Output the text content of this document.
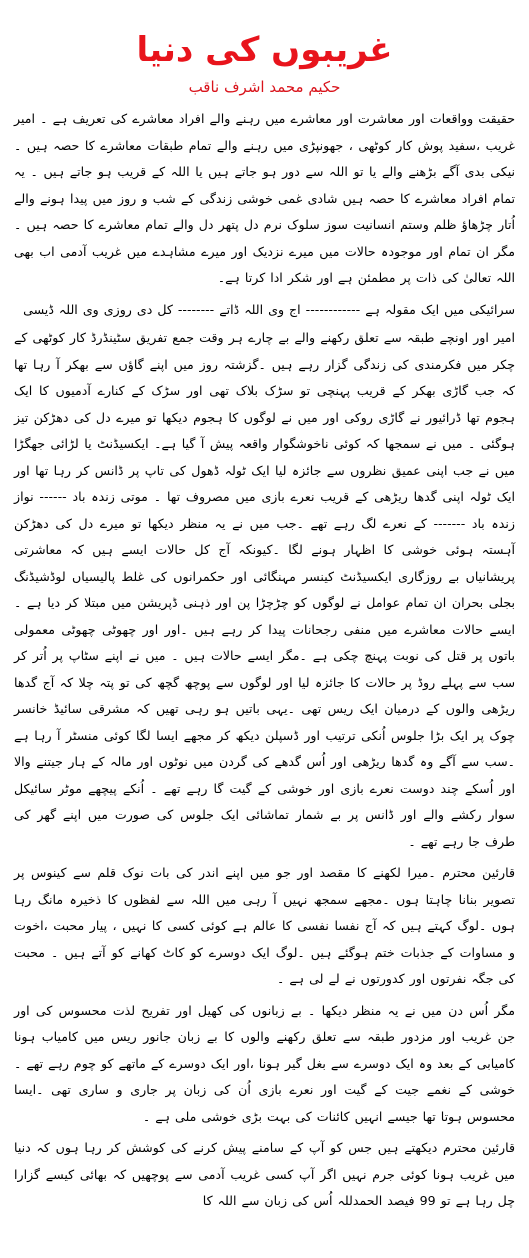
غریبوں کی دنیا
حکیم محمد اشرف ناقب

حقیقت وواقعات اور معاشرت اور معاشرے میں رہنے والے افراد معاشرے کی تعریف ہے ۔ امیر غریب ،سفید پوش کار کوٹھی ، جھونپڑی میں رہنے والے تمام طبقات معاشرے کا حصہ ہیں ۔نیکی بدی آگے بڑھنے والے یا تو اللہ سے دور ہو جاتے ہیں یا اللہ کے قریب ہو جاتے ہیں ۔ یہ تمام افراد معاشرے کا حصہ ہیں شادی غمی خوشی زندگی کے شب و روز میں پیدا ہونے والے اُتار چڑھاؤ ظلم وستم انسانیت سوز سلوک نرم دل پتھر دل والے تمام معاشرے کا حصہ ہیں ۔مگر ان تمام اور موجودہ حالات میں میرے نزدیک اور میرے مشاہدے میں غریب آدمی اب بھی اللہ تعالیٰ کی ذات پر مطمئن ہے اور شکر ادا کرتا ہے۔

سرائیکی میں ایک مقولہ ہے ------------ اج وی اللہ ڈاتے -------- کل دی روزی وی اللہ ڈیسی

امیر اور اونچے طبقہ سے تعلق رکھنے والے بے چارے ہر وقت جمع تفریق سٹینڈرڈ کار کوٹھی کے چکر میں فکرمندی کی زندگی گزار رہے ہیں ۔گزشتہ روز میں اپنے گاؤں سے بھکر آ رہا تھا کہ جب گاڑی بھکر کے قریب پہنچی تو سڑک بلاک تھی اور سڑک کے کنارے آدمیوں کا ایک ہجوم تھا ڈرائیور نے گاڑی روکی اور میں نے لوگوں کا ہجوم دیکھا تو میرے دل کی دھڑکن تیز ہوگئی ۔ میں نے سمجھا کہ کوئی ناخوشگوار واقعہ پیش آ گیا ہے۔ ایکسیڈنٹ یا لڑائی جھگڑا میں نے جب اپنی عمیق نظروں سے جائزہ لیا ایک ٹولہ ڈھول کی تاپ پر ڈانس کر رہا تھا اور ایک ٹولہ اپنی گدھا ریڑھی کے قریب نعرے بازی میں مصروف تھا ۔ موتی زندہ باد ------ نواز زندہ باد ------- کے نعرے لگ رہے تھے ۔جب میں نے یہ منظر دیکھا تو میرے دل کی دھڑکن آہستہ ہوئی خوشی کا اظہار ہونے لگا ۔کیونکہ آج کل حالات ایسے ہیں کہ معاشرتی پریشانیاں بے روزگاری ایکسیڈنٹ کینسر مہنگائی اور حکمرانوں کی غلط پالیسیاں لوڈشیڈنگ بجلی بحران ان تمام عوامل نے لوگوں کو چڑچڑا پن اور ذہنی ڈپریشن میں مبتلا کر دیا ہے ۔ایسے حالات معاشرے میں منفی رجحانات پیدا کر رہے ہیں ۔اور اور چھوٹی چھوٹی معمولی باتوں پر قتل کی نوبت پہنچ چکی ہے ۔مگر ایسے حالات ہیں ۔ میں نے اپنے سٹاپ پر اُتر کر سب سے پہلے روڈ پر حالات کا جائزہ لیا اور لوگوں سے پوچھ گچھ کی تو پتہ چلا کہ آج گدھا ریڑھی والوں کے درمیان ایک ریس تھی ۔یہی باتیں ہو رہی تھیں کہ مشرقی سائیڈ خانسر چوک پر ایک بڑا جلوس اُنکی ترتیب اور ڈسپلن دیکھ کر مجھے ایسا لگا کوئی منسٹر آ رہا ہے ۔سب سے آگے وہ گدھا ریڑھی اور اُس گدھے کی گردن میں نوٹوں اور مالہ کے ہار جیتنے والا اور اُسکے چند دوست نعرے بازی اور خوشی کے گیت گا رہے تھے ۔ اُنکے پیچھے موٹر سائیکل سوار رکشے والے اور ڈانس پر بے شمار تماشائی ایک جلوس کی صورت میں اپنے گھر کی طرف جا رہے تھے ۔

قارئین محترم ۔میرا لکھنے کا مقصد اور جو میں اپنے اندر کی بات نوک قلم سے کینوس پر تصویر بنانا چاہتا ہوں ۔مجھے سمجھ نہیں آ رہی میں اللہ سے لفظوں کا ذخیرہ مانگ رہا ہوں ۔لوگ کہتے ہیں کہ آج نفسا نفسی کا عالم ہے کوئی کسی کا نہیں ، پیار محبت ،اخوت و مساوات کے جذبات ختم ہوگئے ہیں ۔لوگ ایک دوسرے کو کاٹ کھانے کو آتے ہیں ۔ محبت کی جگہ نفرتوں اور کدورتوں نے لے لی ہے ۔

مگر اُس دن میں نے یہ منظر دیکھا ۔ بے زبانوں کی کھیل اور تفریح لذت محسوس کی اور جن غریب اور مزدور طبقہ سے تعلق رکھنے والوں کا بے زبان جانور ریس میں کامیاب ہونا کامیابی کے بعد وہ ایک دوسرے سے بغل گیر ہونا ،اور ایک دوسرے کے ماتھے کو چوم رہے تھے ۔خوشی کے نغمے جیت کے گیت اور نعرے بازی اُن کی زبان پر جاری و ساری تھی ۔ایسا محسوس ہوتا تھا جیسے انہیں کائنات کی بہت بڑی خوشی ملی ہے ۔

قارئین محترم دیکھتے ہیں جس کو آپ کے سامنے پیش کرنے کی کوشش کر رہا ہوں کہ دنیا میں غریب ہونا کوئی جرم نہیں اگر آپ کسی غریب آدمی سے پوچھیں کہ بھائی کیسے گزارا چل رہا ہے تو 99 فیصد الحمدللہ اُس کی زبان سے اللہ کا
